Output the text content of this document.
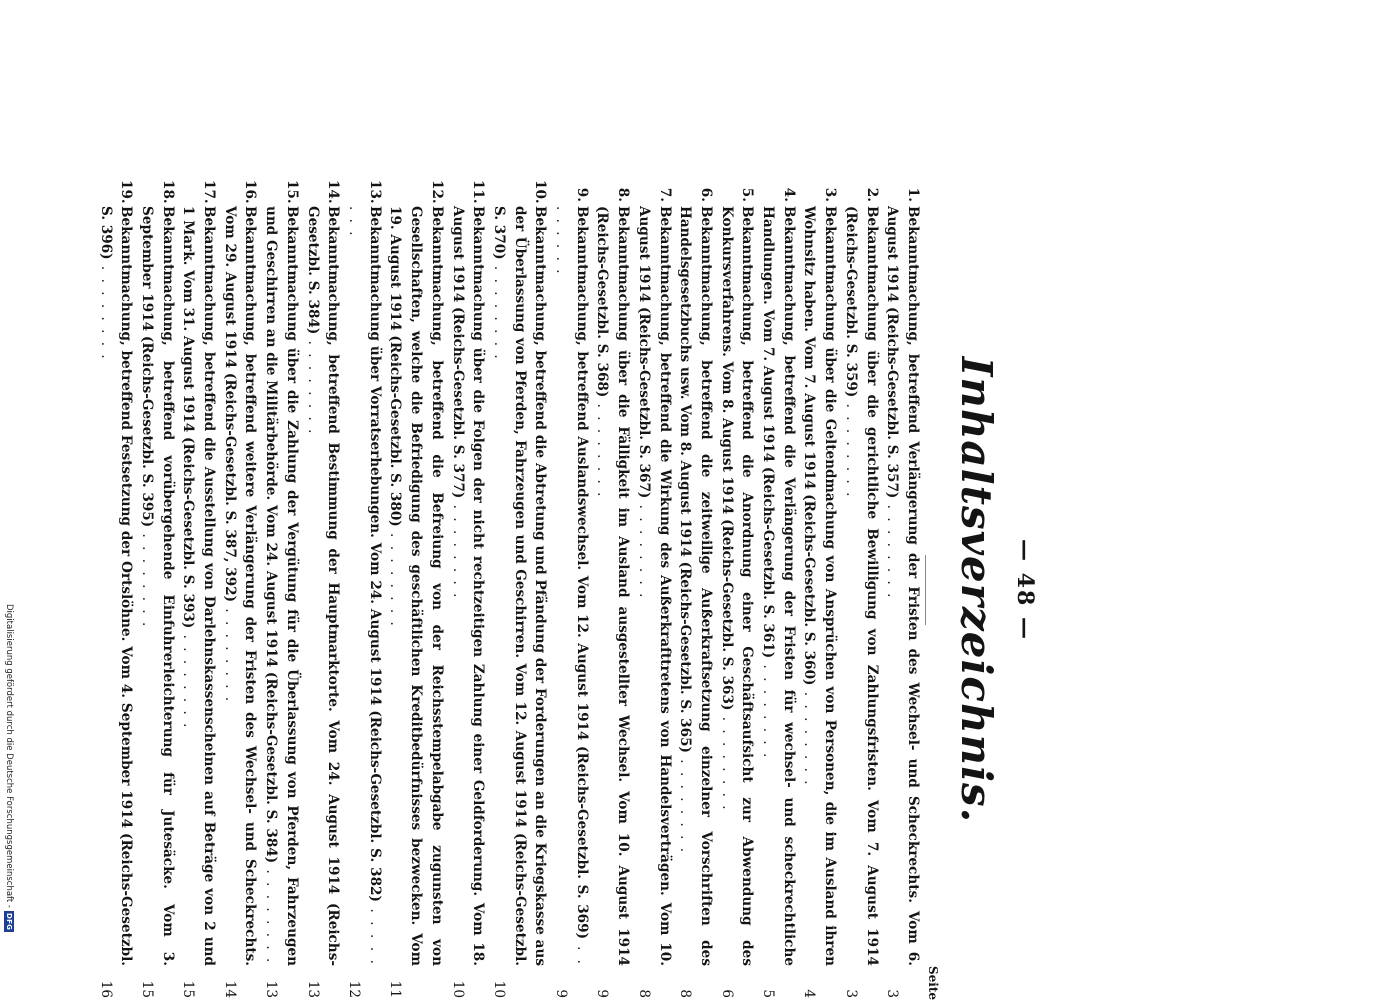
Digitalisierung gefördert durch die Deutsche Forschungsgemeinschaft -
DFG
— 48 —
Inhaltsverzeichnis.
Seite
1.
Bekanntmachung, betreffend Verlängerung der Fristen des Wechsel- und Scheckrechts. Vom 6. August 1914 (Reichs-Gesetzbl. S. 357) . . . . . . . .
3
2.
Bekanntmachung über die gerichtliche Bewilligung von Zahlungsfristen. Vom 7. August 1914 (Reichs-Gesetzbl. S. 359) . . . . . . . .
3
3.
Bekanntmachung über die Geltendmachung von Ansprüchen von Personen, die im Ausland ihren Wohnsitz haben. Vom 7. August 1914 (Reichs-Gesetzbl. S. 360) . . . . . . . .
4
4.
Bekanntmachung, betreffend die Verlängerung der Fristen für wechsel- und scheckrechtliche Handlungen. Vom 7. August 1914 (Reichs-Gesetzbl. S. 361) . . . . . . . .
5
5.
Bekanntmachung, betreffend die Anordnung einer Geschäftsaufsicht zur Abwendung des Konkursverfahrens. Vom 8. August 1914 (Reichs-Gesetzbl. S. 363) . . . . . . . .
6
6.
Bekanntmachung, betreffend die zeitweilige Außerkraftsetzung einzelner Vorschriften des Handelsgesetzbuchs usw. Vom 8. August 1914 (Reichs-Gesetzbl. S. 365) . . . . . . . .
8
7.
Bekanntmachung, betreffend die Wirkung des Außerkrafttretens von Handelsverträgen. Vom 10. August 1914 (Reichs-Gesetzbl. S. 367) . . . . . . . .
8
8.
Bekanntmachung über die Fälligkeit im Ausland ausgestellter Wechsel. Vom 10. August 1914 (Reichs-Gesetzbl. S. 368) . . . . . . . .
9
9.
Bekanntmachung, betreffend Auslandswechsel. Vom 12. August 1914 (Reichs-Gesetzbl. S. 369) . . . . . . . .
9
10.
Bekanntmachung, betreffend die Abtretung und Pfändung der Forderungen an die Kriegskasse aus der Überlassung von Pferden, Fahrzeugen und Geschirren. Vom 12. August 1914 (Reichs-Gesetzbl. S. 370) . . . . . . . .
10
11.
Bekanntmachung über die Folgen der nicht rechtzeitigen Zahlung einer Geldforderung. Vom 18. August 1914 (Reichs-Gesetzbl. S. 377) . . . . . . . .
10
12.
Bekanntmachung, betreffend die Befreiung von der Reichsstempelabgabe zugunsten von Gesellschaften, welche die Befriedigung des geschäftlichen Kreditbedürfnisses bezwecken. Vom 19. August 1914 (Reichs-Gesetzbl. S. 380) . . . . . . . .
11
13.
Bekanntmachung über Vorratserhebungen. Vom 24. August 1914 (Reichs-Gesetzbl. S. 382) . . . . . . . .
12
14.
Bekanntmachung, betreffend Bestimmung der Hauptmarktorte. Vom 24. August 1914 (Reichs-Gesetzbl. S. 384) . . . . . . . .
13
15.
Bekanntmachung über die Zahlung der Vergütung für die Überlassung von Pferden, Fahrzeugen und Geschirren an die Militärbehörde. Vom 24. August 1914 (Reichs-Gesetzbl. S. 384) . . . . . . . .
13
16.
Bekanntmachung, betreffend weitere Verlängerung der Fristen des Wechsel- und Scheckrechts. Vom 29. August 1914 (Reichs-Gesetzbl. S. 387, 392) . . . . . . . .
14
17.
Bekanntmachung, betreffend die Ausstellung von Darlehnskassenscheinen auf Beträge von 2 und 1 Mark. Vom 31. August 1914 (Reichs-Gesetzbl. S. 393) . . . . . . . .
15
18.
Bekanntmachung, betreffend vorübergehende Einfuhrerleichterung für Jutesäcke. Vom 3. September 1914 (Reichs-Gesetzbl. S. 395) . . . . . . . .
15
19.
Bekanntmachung, betreffend Festsetzung der Ortslöhne. Vom 4. September 1914 (Reichs-Gesetzbl. S. 396) . . . . . . . .
16
